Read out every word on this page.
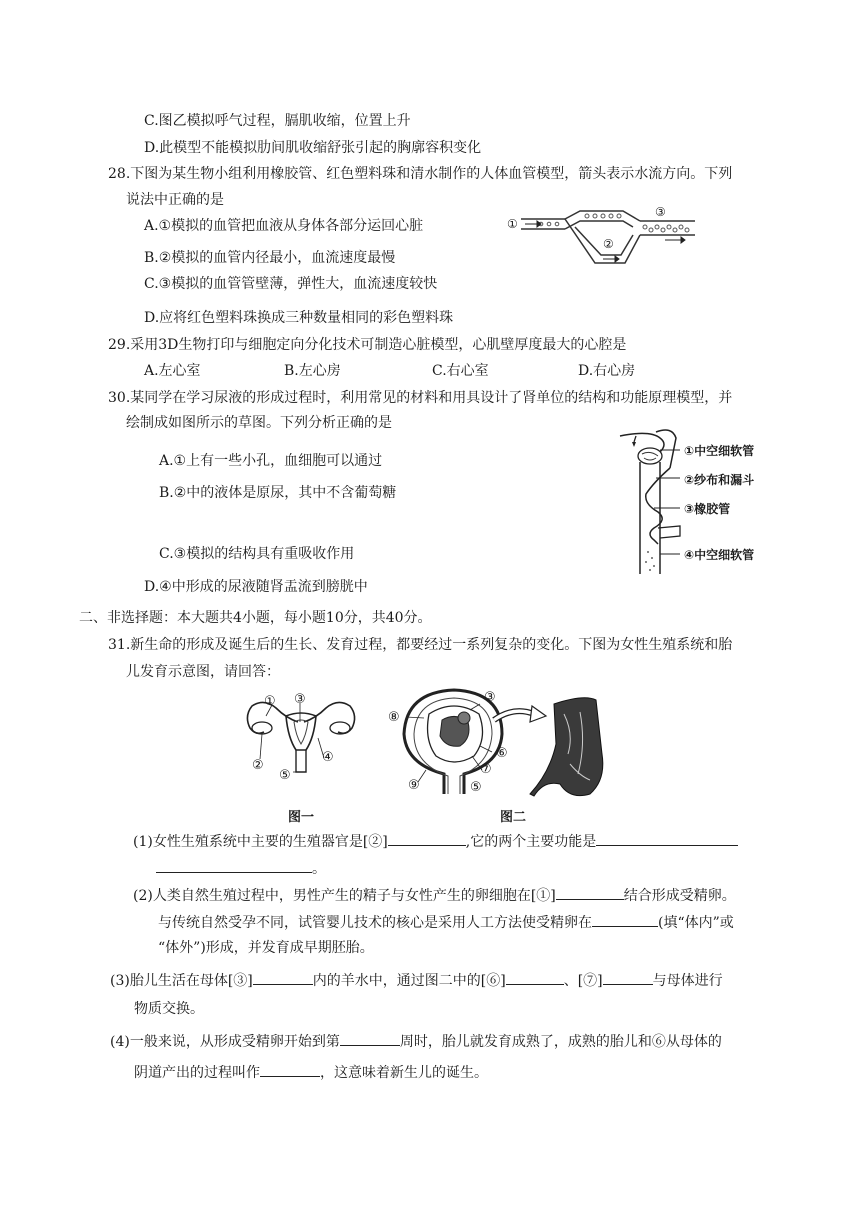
C.图乙模拟呼气过程，膈肌收缩，位置上升
D.此模型不能模拟肋间肌收缩舒张引起的胸廓容积变化
28.下图为某生物小组利用橡胶管、红色塑料珠和清水制作的人体血管模型，箭头表示水流方向。下列
说法中正确的是
A.①模拟的血管把血液从身体各部分运回心脏
B.②模拟的血管内径最小，血流速度最慢
C.③模拟的血管管壁薄，弹性大，血流速度较快
D.应将红色塑料珠换成三种数量相同的彩色塑料珠
①
②
③
29.采用3D生物打印与细胞定向分化技术可制造心脏模型，心肌壁厚度最大的心腔是
A.左心室	B.左心房	C.右心室	D.右心房
30.某同学在学习尿液的形成过程时，利用常见的材料和用具设计了肾单位的结构和功能原理模型，并
绘制成如图所示的草图。下列分析正确的是
A.①上有一些小孔，血细胞可以通过
B.②中的液体是原尿，其中不含葡萄糖
C.③模拟的结构具有重吸收作用
D.④中形成的尿液随肾盂流到膀胱中
①中空细软管
②纱布和漏斗
③橡胶管
④中空细软管
二、非选择题：本大题共4小题，每小题10分，共40分。
31.新生命的形成及诞生后的生长、发育过程，都要经过一系列复杂的变化。下图为女性生殖系统和胎
儿发育示意图，请回答：
① ③
②
④
⑤
图一
③
⑧
⑥
⑦
⑨	⑤
图二
(1)女性生殖系统中主要的生殖器官是[②]	,它的两个主要功能是
。
(2)人类自然生殖过程中，男性产生的精子与女性产生的卵细胞在[①]	结合形成受精卵。
与传统自然受孕不同，试管婴儿技术的核心是采用人工方法使受精卵在	(填“体内”或
“体外”)形成，并发育成早期胚胎。
(3)胎儿生活在母体[③]	内的羊水中，通过图二中的[⑥]	、[⑦]	与母体进行
物质交换。
(4)一般来说，从形成受精卵开始到第	周时，胎儿就发育成熟了，成熟的胎儿和⑥从母体的
阴道产出的过程叫作	，这意味着新生儿的诞生。
